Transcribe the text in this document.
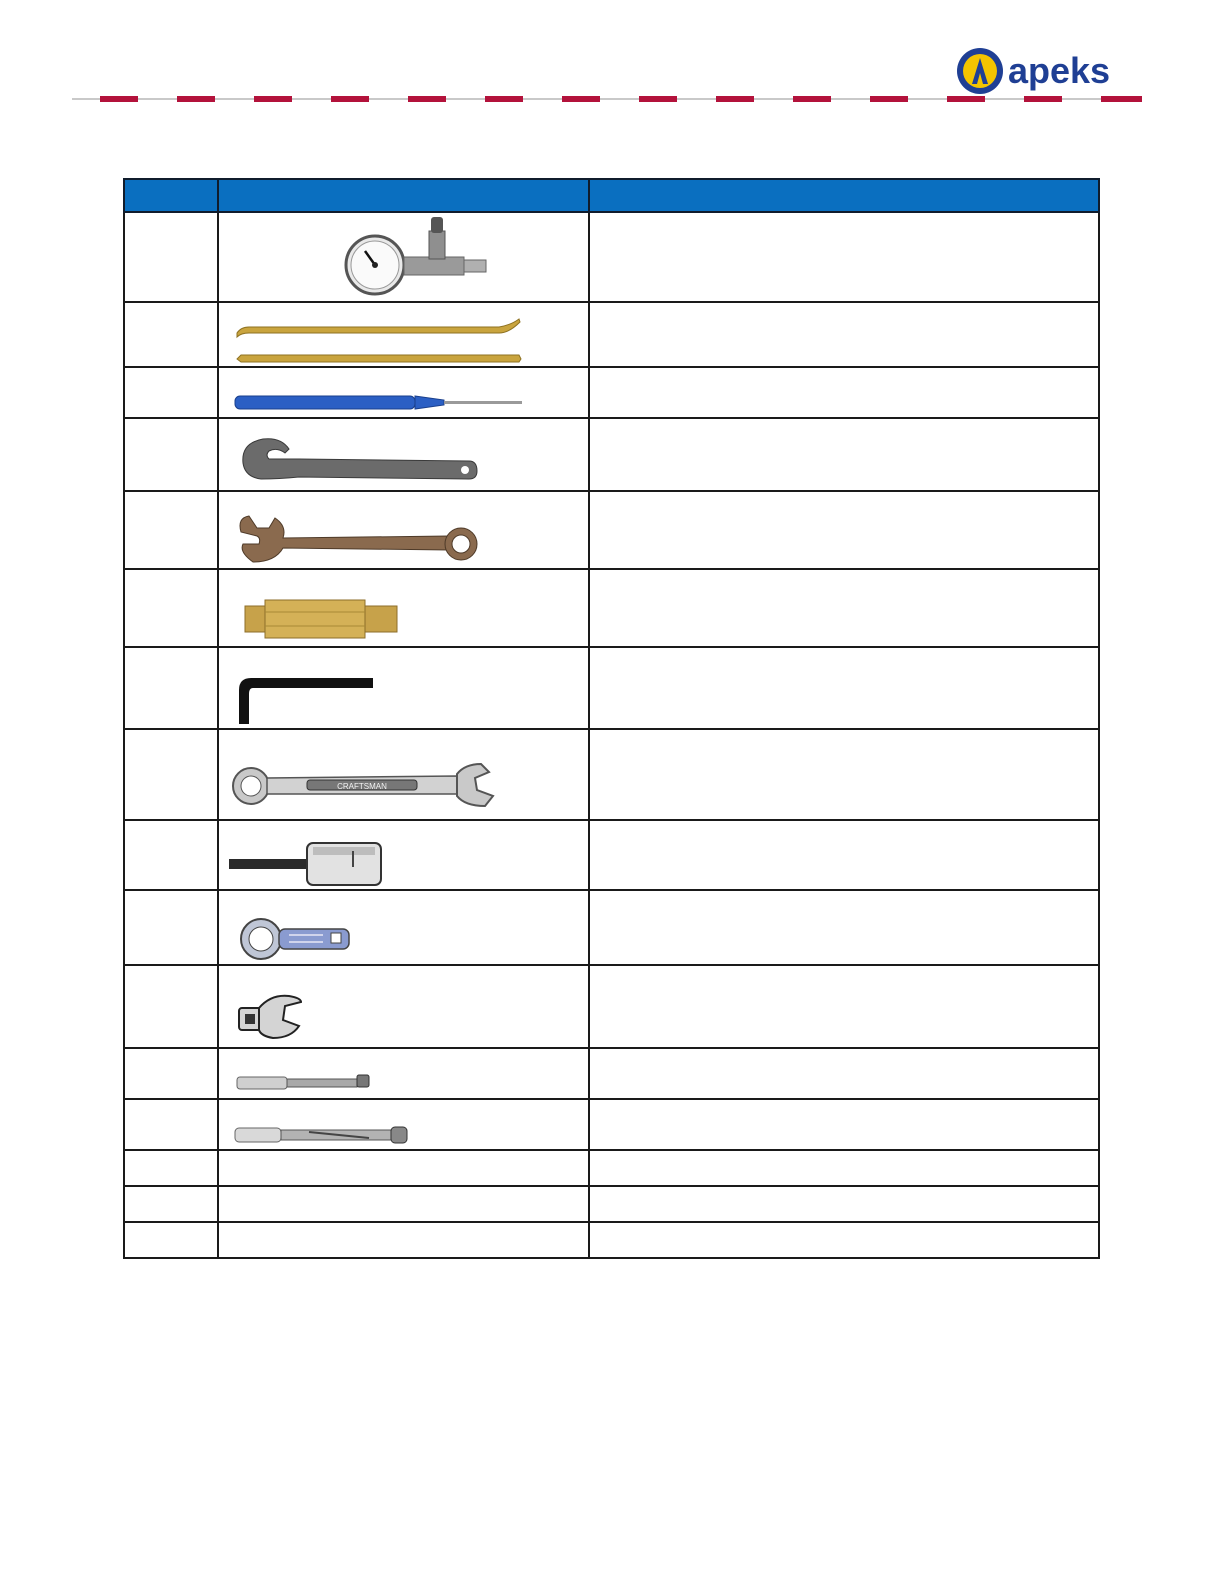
apeks

CRAFTSMAN	
